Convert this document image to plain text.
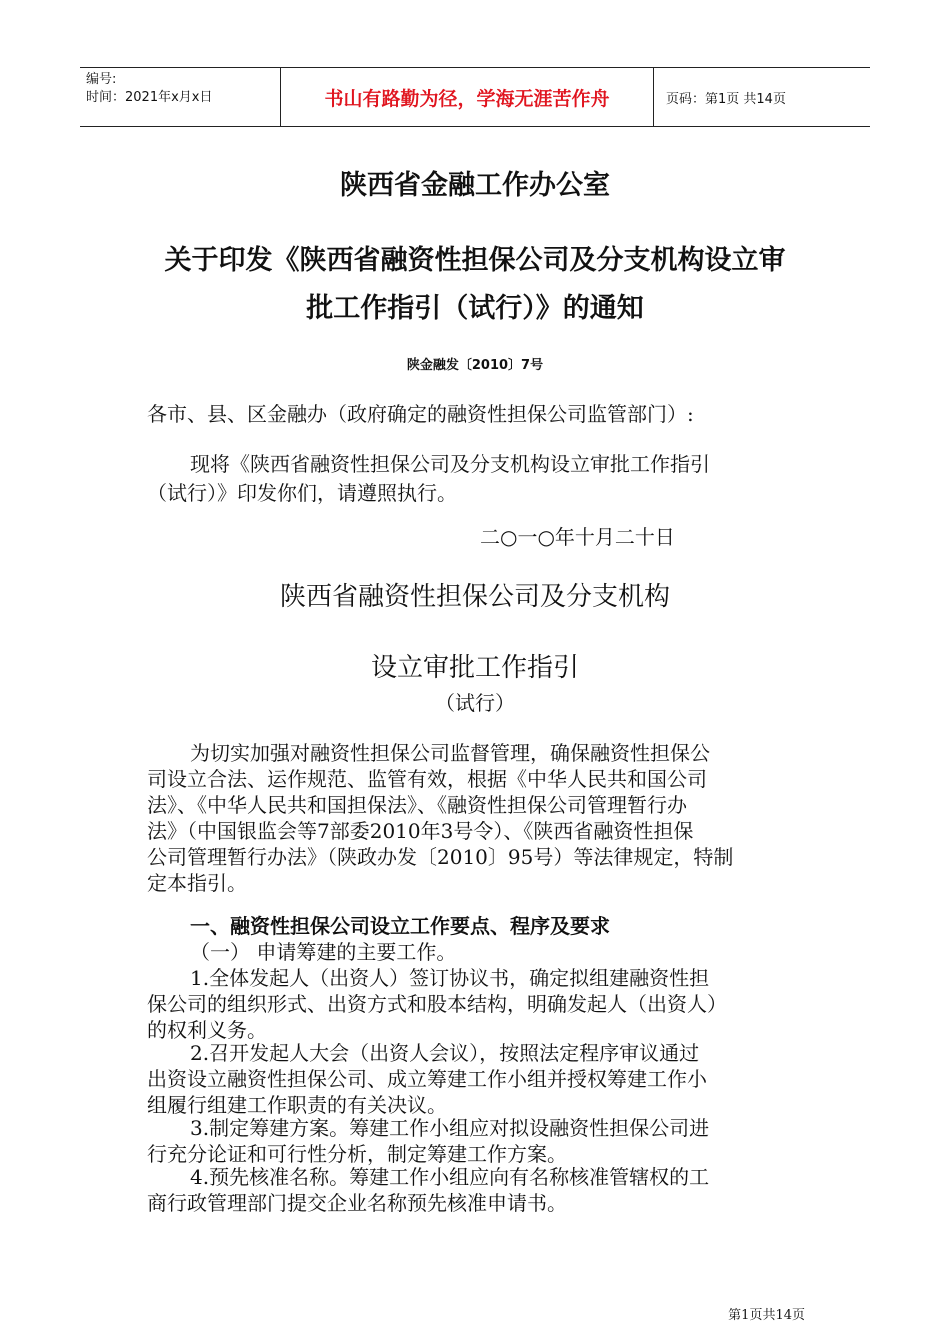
编号:
时间：2021年x月x日	书山有路勤为径，学海无涯苦作舟	页码：第1页 共14页
陕西省金融工作办公室
关于印发《陕西省融资性担保公司及分支机构设立审
批工作指引（试行）》的通知
陕金融发〔2010〕7号
各市、县、区金融办（政府确定的融资性担保公司监管部门）:
现将《陕西省融资性担保公司及分支机构设立审批工作指引
（试行）》印发你们，请遵照执行。
二○一○年十月二十日
陕西省融资性担保公司及分支机构
设立审批工作指引
（试行）
为切实加强对融资性担保公司监督管理，确保融资性担保公
司设立合法、运作规范、监管有效，根据《中华人民共和国公司
法》、《中华人民共和国担保法》、《融资性担保公司管理暂行办
法》（中国银监会等7部委2010年3号令）、《陕西省融资性担保
公司管理暂行办法》（陕政办发〔2010〕95号）等法律规定，特制
定本指引。
一、融资性担保公司设立工作要点、程序及要求
（一） 申请筹建的主要工作。
1.全体发起人（出资人）签订协议书，确定拟组建融资性担
保公司的组织形式、出资方式和股本结构，明确发起人（出资人）
的权利义务。
2.召开发起人大会（出资人会议），按照法定程序审议通过
出资设立融资性担保公司、成立筹建工作小组并授权筹建工作小
组履行组建工作职责的有关决议。
3.制定筹建方案。筹建工作小组应对拟设融资性担保公司进
行充分论证和可行性分析，制定筹建工作方案。
4.预先核准名称。筹建工作小组应向有名称核准管辖权的工
商行政管理部门提交企业名称预先核准申请书。
第1页共14页
